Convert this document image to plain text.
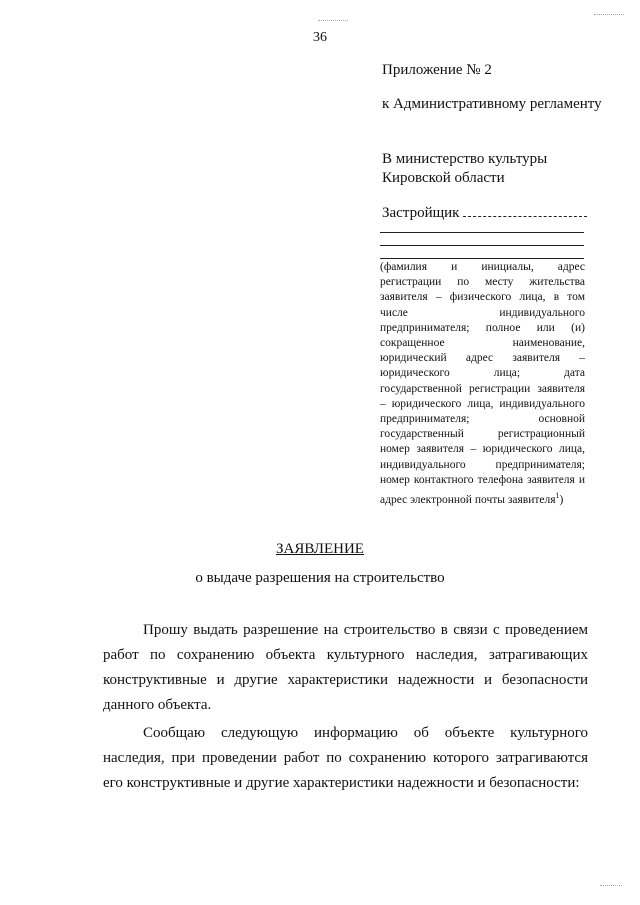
36
Приложение № 2
к Административному регламенту
В министерство культуры
Кировской области
Застройщик
(фамилия и инициалы, адрес регистрации по месту жительства заявителя – физического лица, в том числе индивидуального предпринимателя; полное или (и) сокращенное наименование, юридический адрес заявителя – юридического лица; дата государственной регистрации заявителя – юридического лица, индивидуального предпринимателя; основной государственный регистрационный номер заявителя – юридического лица, индивидуального предпринимателя; номер контактного телефона заявителя и адрес электронной почты заявителя$^1$)
ЗАЯВЛЕНИЕ
о выдаче разрешения на строительство

Прошу выдать разрешение на строительство в связи с проведением работ по сохранению объекта культурного наследия, затрагивающих конструктивные и другие характеристики надежности и безопасности данного объекта.

Сообщаю следующую информацию об объекте культурного наследия, при проведении работ по сохранению которого затрагиваются его конструктивные и другие характеристики надежности и безопасности:
